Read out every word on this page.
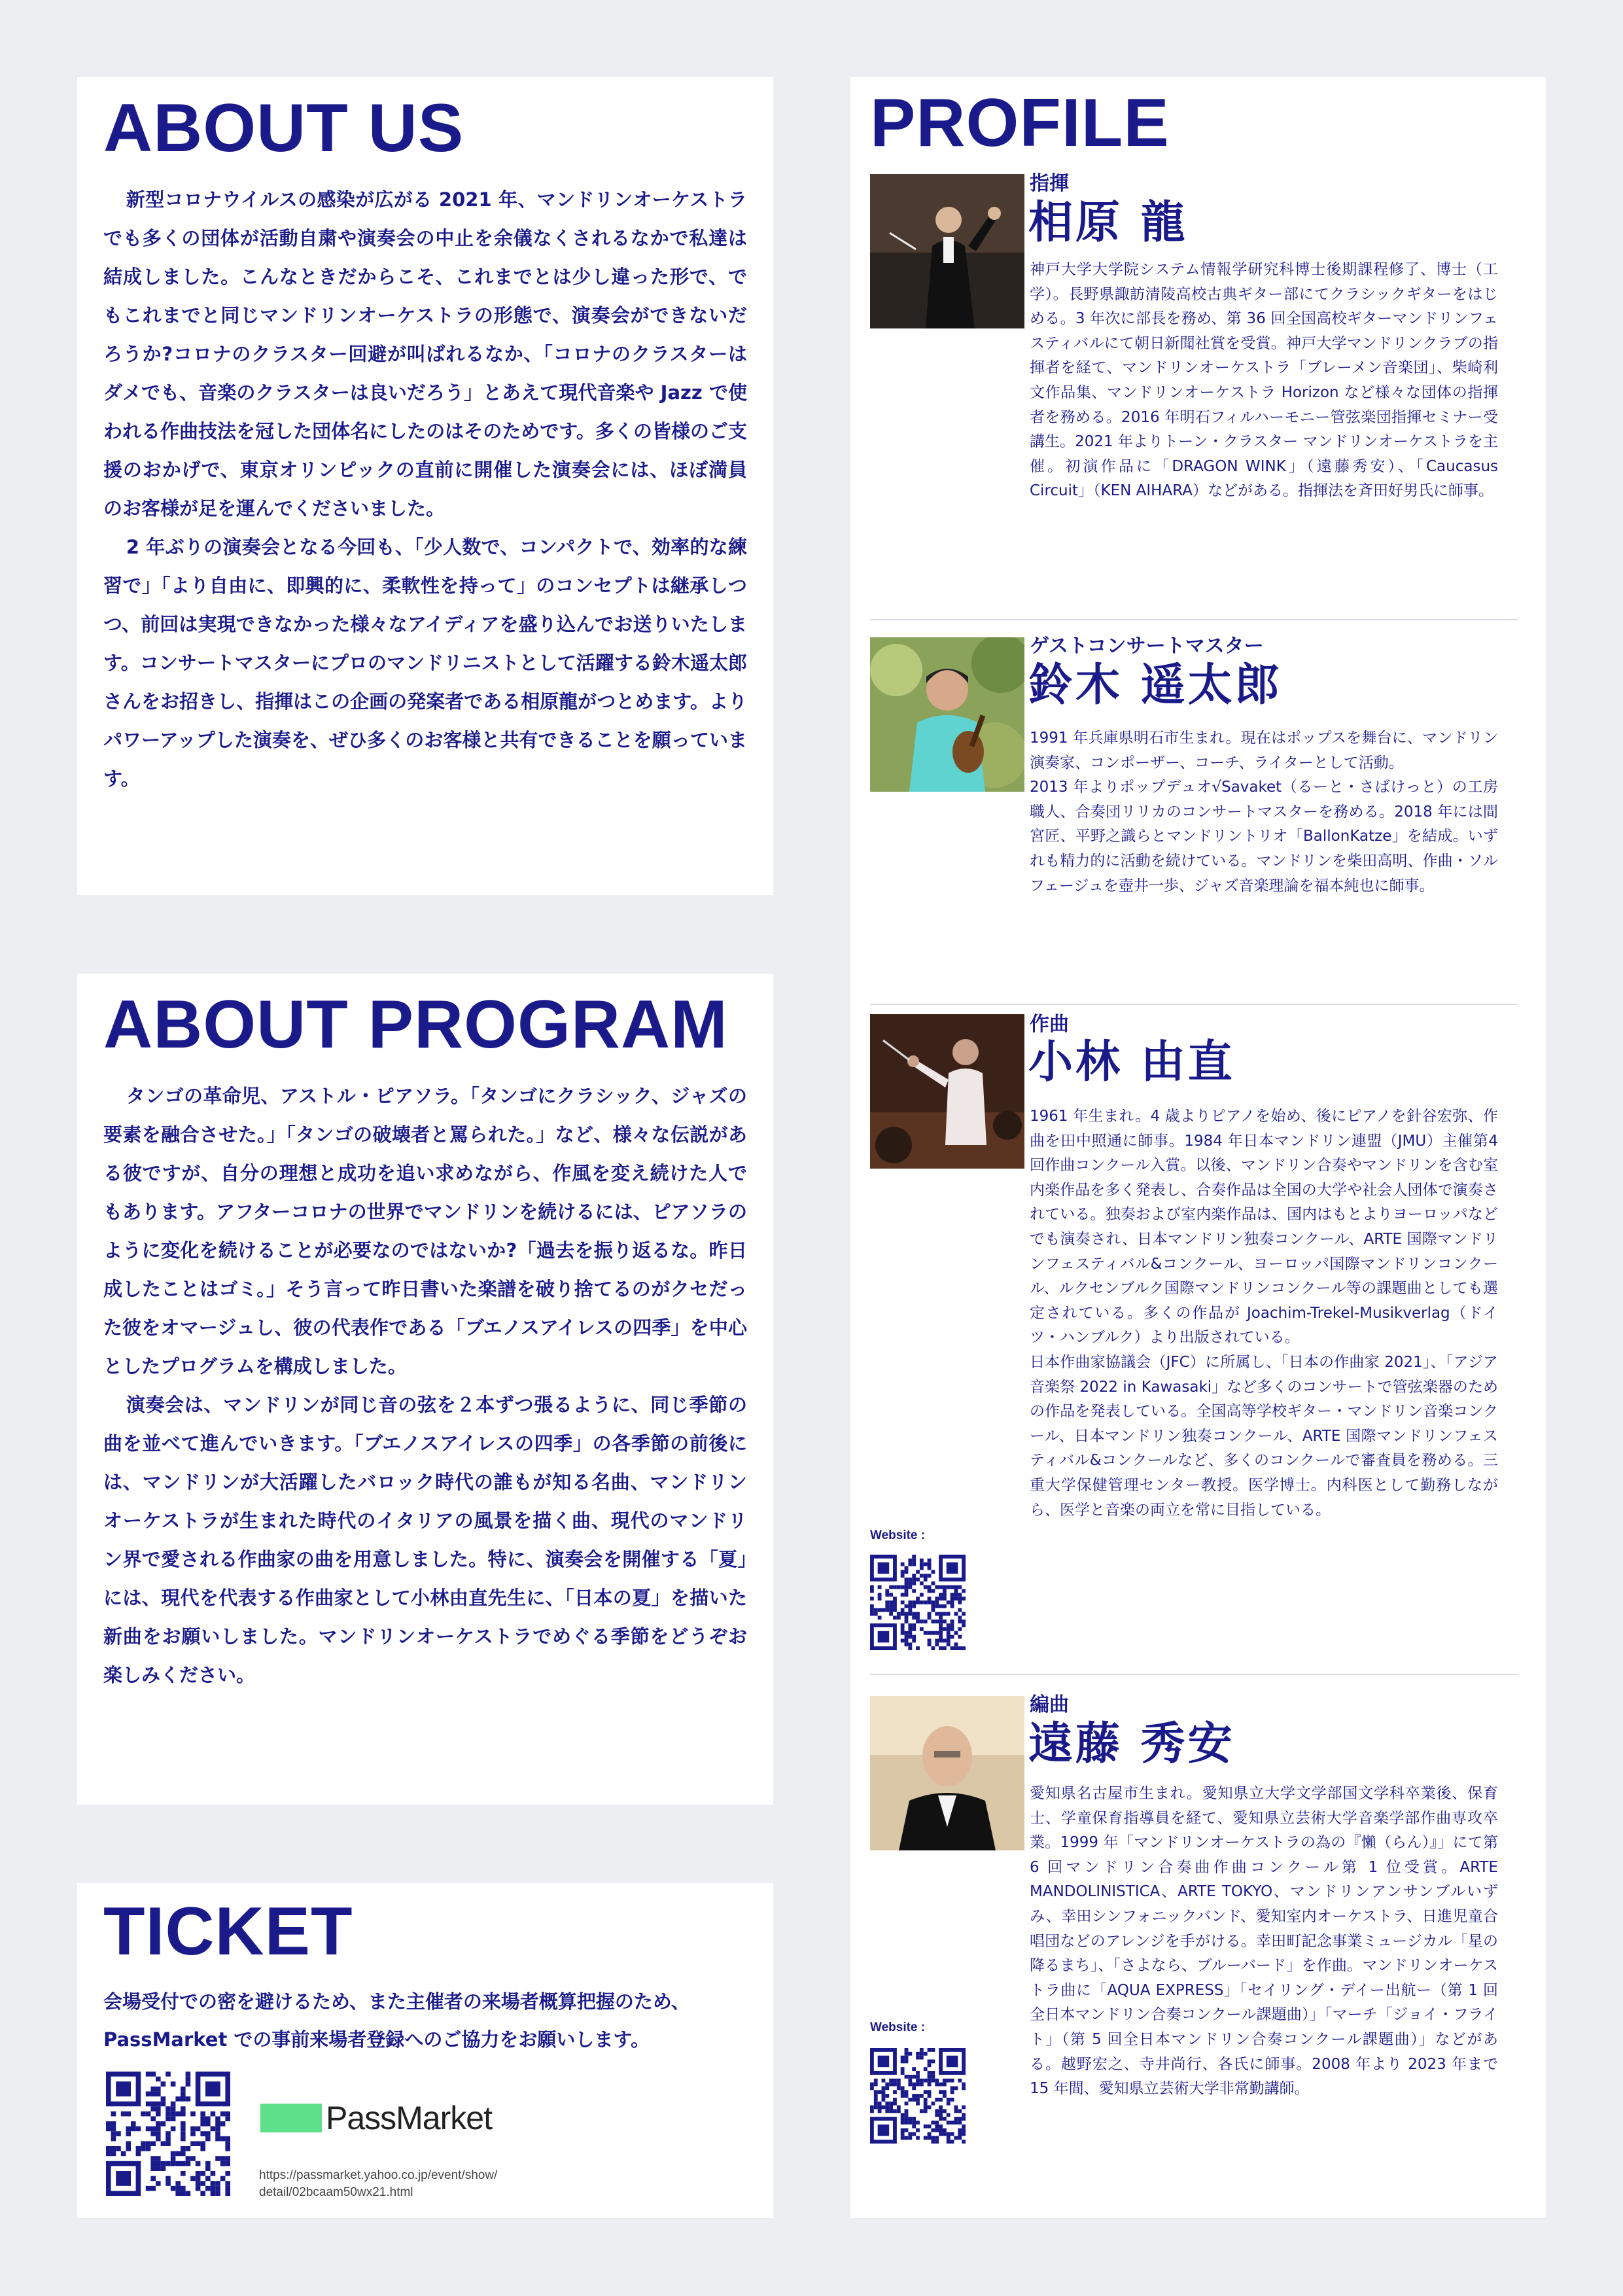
ABOUT US

新型コロナウイルスの感染が広がる 2021 年、マンドリンオーケストラでも多くの団体が活動自粛や演奏会の中止を余儀なくされるなかで私達は結成しました。こんなときだからこそ、これまでとは少し違った形で、でもこれまでと同じマンドリンオーケストラの形態で、演奏会ができないだろうか?コロナのクラスター回避が叫ばれるなか、「コロナのクラスターはダメでも、音楽のクラスターは良いだろう」とあえて現代音楽や Jazz で使われる作曲技法を冠した団体名にしたのはそのためです。多くの皆様のご支援のおかげで、東京オリンピックの直前に開催した演奏会には、ほぼ満員のお客様が足を運んでくださいました。

2 年ぶりの演奏会となる今回も、「少人数で、コンパクトで、効率的な練習で」「より自由に、即興的に、柔軟性を持って」のコンセプトは継承しつつ、前回は実現できなかった様々なアイディアを盛り込んでお送りいたします。コンサートマスターにプロのマンドリニストとして活躍する鈴木遥太郎さんをお招きし、指揮はこの企画の発案者である相原龍がつとめます。よりパワーアップした演奏を、ぜひ多くのお客様と共有できることを願っています。

ABOUT PROGRAM

タンゴの革命児、アストル・ピアソラ。「タンゴにクラシック、ジャズの要素を融合させた。」「タンゴの破壊者と罵られた。」など、様々な伝説がある彼ですが、自分の理想と成功を追い求めながら、作風を変え続けた人でもあります。アフターコロナの世界でマンドリンを続けるには、ピアソラのように変化を続けることが必要なのではないか?「過去を振り返るな。昨日成したことはゴミ。」そう言って昨日書いた楽譜を破り捨てるのがクセだった彼をオマージュし、彼の代表作である「ブエノスアイレスの四季」を中心としたプログラムを構成しました。

演奏会は、マンドリンが同じ音の弦を２本ずつ張るように、同じ季節の曲を並べて進んでいきます。「ブエノスアイレスの四季」の各季節の前後には、マンドリンが大活躍したバロック時代の誰もが知る名曲、マンドリンオーケストラが生まれた時代のイタリアの風景を描く曲、現代のマンドリン界で愛される作曲家の曲を用意しました。特に、演奏会を開催する「夏」には、現代を代表する作曲家として小林由直先生に、「日本の夏」を描いた新曲をお願いしました。マンドリンオーケストラでめぐる季節をどうぞお楽しみください。

TICKET

会場受付での密を避けるため、また主催者の来場者概算把握のため、PassMarket での事前来場者登録へのご協力をお願いします。

PassMarket
https://passmarket.yahoo.co.jp/event/show/
detail/02bcaam50wx21.html
PROFILE
指揮
相原 龍

神戸大学大学院システム情報学研究科博士後期課程修了、博士（工学）。長野県諏訪清陵高校古典ギター部にてクラシックギターをはじめる。3 年次に部長を務め、第 36 回全国高校ギターマンドリンフェスティバルにて朝日新聞社賞を受賞。神戸大学マンドリンクラブの指揮者を経て、マンドリンオーケストラ「ブレーメン音楽団」、柴崎利文作品集、マンドリンオーケストラ Horizon など様々な団体の指揮者を務める。2016 年明石フィルハーモニー管弦楽団指揮セミナー受講生。2021 年よりトーン・クラスター マンドリンオーケストラを主催。初演作品に「DRAGON WINK」（遠藤秀安）、「Caucasus Circuit」（KEN AIHARA）などがある。指揮法を斉田好男氏に師事。

ゲストコンサートマスター
鈴木 遥太郎

1991 年兵庫県明石市生まれ。現在はポップスを舞台に、マンドリン演奏家、コンポーザー、コーチ、ライターとして活動。
2013 年よりポップデュオ√Savaket（るーと・さばけっと）の工房職人、合奏団リリカのコンサートマスターを務める。2018 年には間宮匠、平野之識らとマンドリントリオ「BallonKatze」を結成。いずれも精力的に活動を続けている。マンドリンを柴田高明、作曲・ソルフェージュを壺井一歩、ジャズ音楽理論を福本純也に師事。

作曲
小林 由直

1961 年生まれ。4 歳よりピアノを始め、後にピアノを針谷宏弥、作曲を田中照通に師事。1984 年日本マンドリン連盟（JMU）主催第4回作曲コンクール入賞。以後、マンドリン合奏やマンドリンを含む室内楽作品を多く発表し、合奏作品は全国の大学や社会人団体で演奏されている。独奏および室内楽作品は、国内はもとよりヨーロッパなどでも演奏され、日本マンドリン独奏コンクール、ARTE 国際マンドリンフェスティバル&コンクール、ヨーロッパ国際マンドリンコンクール、ルクセンブルク国際マンドリンコンクール等の課題曲としても選定されている。多くの作品が Joachim-Trekel-Musikverlag（ドイツ・ハンブルク）より出版されている。
日本作曲家協議会（JFC）に所属し、「日本の作曲家 2021」、「アジア音楽祭 2022 in Kawasaki」など多くのコンサートで管弦楽器のための作品を発表している。全国高等学校ギター・マンドリン音楽コンクール、日本マンドリン独奏コンクール、ARTE 国際マンドリンフェスティバル&コンクールなど、多くのコンクールで審査員を務める。三重大学保健管理センター教授。医学博士。内科医として勤務しながら、医学と音楽の両立を常に目指している。

Website :
編曲
遠藤 秀安

愛知県名古屋市生まれ。愛知県立大学文学部国文学科卒業後、保育士、学童保育指導員を経て、愛知県立芸術大学音楽学部作曲専攻卒業。1999 年「マンドリンオーケストラの為の『懶（らん）』」にて第 6 回マンドリン合奏曲作曲コンクール第 1 位受賞。ARTE MANDOLINISTICA、ARTE TOKYO、マンドリンアンサンブルいずみ、幸田シンフォニックバンド、愛知室内オーケストラ、日進児童合唱団などのアレンジを手がける。幸田町記念事業ミュージカル「星の降るまち」、「さよなら、ブルーバード」を作曲。マンドリンオーケストラ曲に「AQUA EXPRESS」「セイリング・デイー出航ー（第 1 回全日本マンドリン合奏コンクール課題曲）」「マーチ「ジョイ・フライト」（第 5 回全日本マンドリン合奏コンクール課題曲）」などがある。越野宏之、寺井尚行、各氏に師事。2008 年より 2023 年まで 15 年間、愛知県立芸術大学非常勤講師。

Website :
